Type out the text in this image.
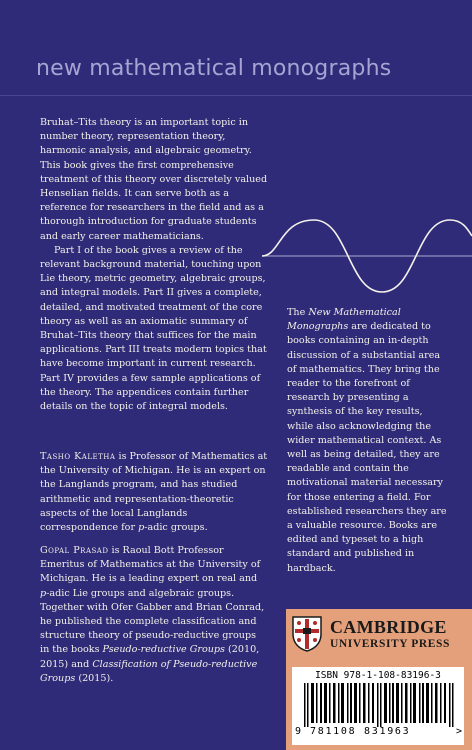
new mathematical monographs

Bruhat–Tits theory is an important topic in number theory, representation theory, harmonic analysis, and algebraic geometry. This book gives the first comprehensive treatment of this theory over discretely valued Henselian fields. It can serve both as a reference for researchers in the field and as a thorough introduction for graduate students and early career mathematicians.

Part I of the book gives a review of the relevant background material, touching upon Lie theory, metric geometry, algebraic groups, and integral models. Part II gives a complete, detailed, and motivated treatment of the core theory as well as an axiomatic summary of Bruhat–Tits theory that suffices for the main applications. Part III treats modern topics that have become important in current research. Part IV provides a few sample applications of the theory. The appendices contain further details on the topic of integral models.

Tasho Kaletha is Professor of Mathematics at the University of Michigan. He is an expert on the Langlands program, and has studied arithmetic and representation-theoretic aspects of the local Langlands correspondence for p-adic groups.

Gopal Prasad is Raoul Bott Professor Emeritus of Mathematics at the University of Michigan. He is a leading expert on real and p-adic Lie groups and algebraic groups. Together with Ofer Gabber and Brian Conrad, he published the complete classification and structure theory of pseudo-reductive groups in the books Pseudo-reductive Groups (2010, 2015) and Classification of Pseudo-reductive Groups (2015).

The New Mathematical Monographs are dedicated to books containing an in-depth discussion of a substantial area of mathematics. They bring the reader to the forefront of research by presenting a synthesis of the key results, while also acknowledging the wider mathematical context. As well as being detailed, they are readable and contain the motivational material necessary for those entering a field. For established researchers they are a valuable resource. Books are edited and typeset to a high standard and published in hardback.

CAMBRIDGE
UNIVERSITY PRESS
ISBN 978-1-108-83196-3
9 781108 831963	>
